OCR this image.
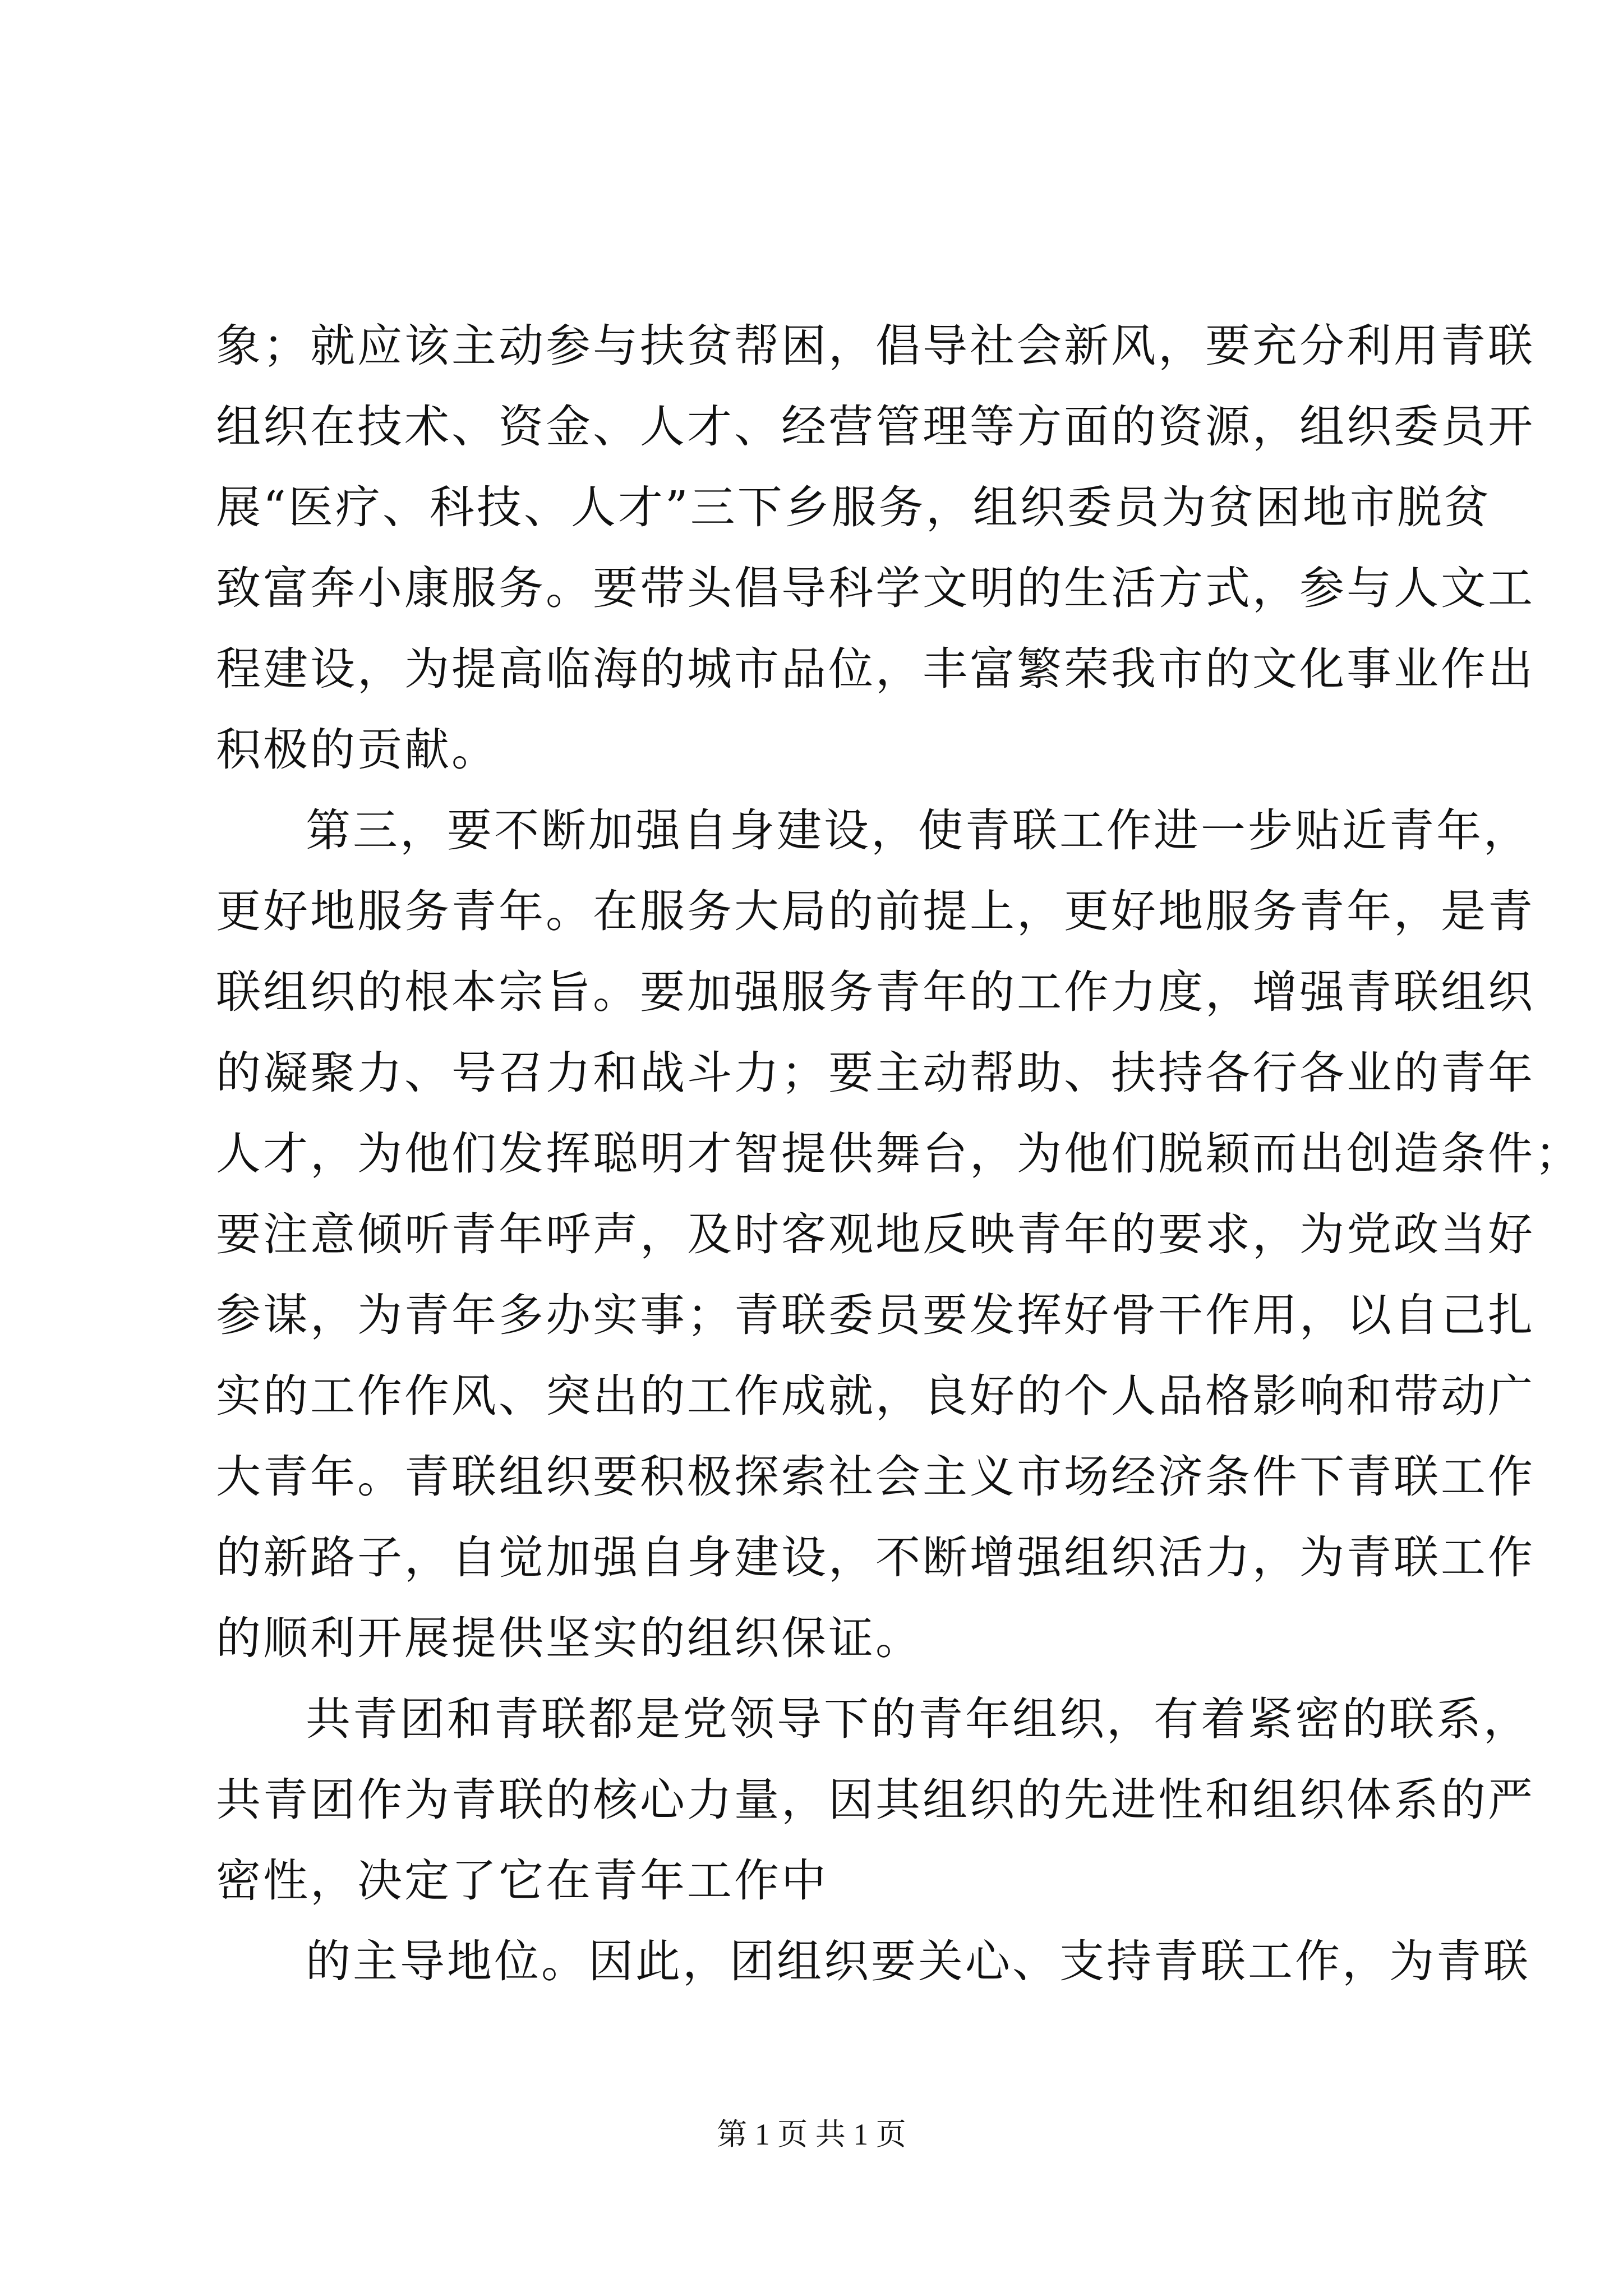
象；就应该主动参与扶贫帮困，倡导社会新风，要充分利用青联
组织在技术、资金、人才、经营管理等方面的资源，组织委员开
展“医疗、科技、人才”三下乡服务，组织委员为贫困地市脱贫
致富奔小康服务。要带头倡导科学文明的生活方式，参与人文工
程建设，为提高临海的城市品位，丰富繁荣我市的文化事业作出
积极的贡献。

第三，要不断加强自身建设，使青联工作进一步贴近青年，
更好地服务青年。在服务大局的前提上，更好地服务青年，是青
联组织的根本宗旨。要加强服务青年的工作力度，增强青联组织
的凝聚力、号召力和战斗力；要主动帮助、扶持各行各业的青年
人才，为他们发挥聪明才智提供舞台，为他们脱颖而出创造条件；
要注意倾听青年呼声，及时客观地反映青年的要求，为党政当好
参谋，为青年多办实事；青联委员要发挥好骨干作用，以自己扎
实的工作作风、突出的工作成就，良好的个人品格影响和带动广
大青年。青联组织要积极探索社会主义市场经济条件下青联工作
的新路子，自觉加强自身建设，不断增强组织活力，为青联工作
的顺利开展提供坚实的组织保证。

共青团和青联都是党领导下的青年组织，有着紧密的联系，
共青团作为青联的核心力量，因其组织的先进性和组织体系的严
密性，决定了它在青年工作中

的主导地位。因此，团组织要关心、支持青联工作，为青联

第 1 页 共 1 页
